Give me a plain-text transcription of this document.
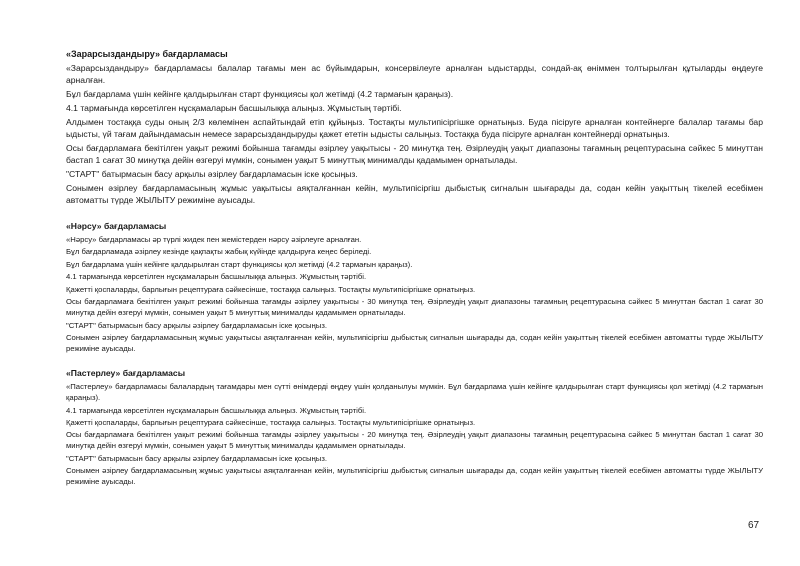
«Зарарсыздандыру» бағдарламасы

«Зарарсыздандыру» бағдарламасы балалар тағамы мен ас бүйымдарын, консервілеуге арналған ыдыстарды, сондай-ақ өніммен толтырылған құтыларды өңдеуге арналған.

Бұл бағдарлама үшін кейінге қалдырылған старт функциясы қол жетімді (4.2 тармағын қараңыз).

4.1 тармағында көрсетілген нұсқамаларын басшылыққа алыңыз. Жұмыстың тәртібі.

Алдымен тостаққа суды оның 2/3 көлемінен аспайтындай етіп құйыңыз. Тостақты мультипісіргішке орнатыңыз. Буда пісіруге арналған контейнерге балалар тағамы бар ыдысты, үй тағам дайындамасын немесе зарарсыздандыруды қажет ететін ыдысты салыңыз. Тостаққа буда пісіруге арналған контейнерді орнатыңыз.

Осы бағдарламаға бекітілген уақыт режимі бойынша тағамды әзірлеу уақытысы - 20 минутқа тең. Әзірлеудің уақыт диапазоны тағамның рецептурасына сәйкес 5 минуттан бастап 1 сағат 30 минутқа дейін өзгеруі мүмкін, сонымен уақыт 5 минуттық минималды қадамымен орнатылады.

"СТАРТ" батырмасын басу арқылы әзірлеу бағдарламасын іске қосыңыз.

Сонымен әзірлеу бағдарламасының жұмыс уақытысы аяқталғаннан кейін, мультипісіргіш дыбыстық сигналын шығарады да, содан кейін уақыттың тікелей есебімен автоматты түрде ЖЫЛЫТУ режиміне ауысады.

«Нәрсу» бағдарламасы

«Нәрсу» бағдарламасы әр түрлі жидек пен жемістерден нәрсу әзірлеуге арналған.

Бұл бағдарламада әзірлеу кезінде қақпақты жабық күйінде қалдыруға кеңес беріледі.

Бұл бағдарлама үшін кейінге қалдырылған старт функциясы қол жетімді (4.2 тармағын қараңыз).

4.1 тармағында көрсетілген нұсқамаларын басшылыққа алыңыз. Жұмыстың тәртібі.

Қажетті қоспаларды, барлығын рецептураға сәйкесінше, тостаққа салыңыз. Тостақты мультипісіргішке орнатыңыз.

Осы бағдарламаға бекітілген уақыт режимі бойынша тағамды әзірлеу уақытысы - 30 минутқа тең. Әзірлеудің уақыт диапазоны тағамның рецептурасына сәйкес 5 минуттан бастап 1 сағат 30 минутқа дейін өзгеруі мүмкін, сонымен уақыт 5 минуттық минималды қадамымен орнатылады.

"СТАРТ" батырмасын басу арқылы әзірлеу бағдарламасын іске қосыңыз.

Сонымен әзірлеу бағдарламасының жұмыс уақытысы аяқталғаннан кейін, мультипісіргіш дыбыстық сигналын шығарады да, содан кейін уақыттың тікелей есебімен автоматты түрде ЖЫЛЫТУ режиміне ауысады.

«Пастерлеу» бағдарламасы

«Пастерлеу» бағдарламасы балалардың тағамдары мен сүтті өнімдерді өңдеу үшін қолданылуы мүмкін. Бұл бағдарлама үшін кейінге қалдырылған старт функциясы қол жетімді (4.2 тармағын қараңыз).

4.1 тармағында көрсетілген нұсқамаларын басшылыққа алыңыз. Жұмыстың тәртібі.

Қажетті қоспаларды, барлығын рецептураға сәйкесінше, тостаққа салыңыз. Тостақты мультипісіргішке орнатыңыз.

Осы бағдарламаға бекітілген уақыт режимі бойынша тағамды әзірлеу уақытысы - 20 минутқа тең. Әзірлеудің уақыт диапазоны тағамның рецептурасына сәйкес 5 минуттан бастап 1 сағат 30 минутқа дейін өзгеруі мүмкін, сонымен уақыт 5 минуттық минималды қадамымен орнатылады.

"СТАРТ" батырмасын басу арқылы әзірлеу бағдарламасын іске қосыңыз.

Сонымен әзірлеу бағдарламасының жұмыс уақытысы аяқталғаннан кейін, мультипісіргіш дыбыстық сигналын шығарады да, содан кейін уақыттың тікелей есебімен автоматты түрде ЖЫЛЫТУ режиміне ауысады.

67
